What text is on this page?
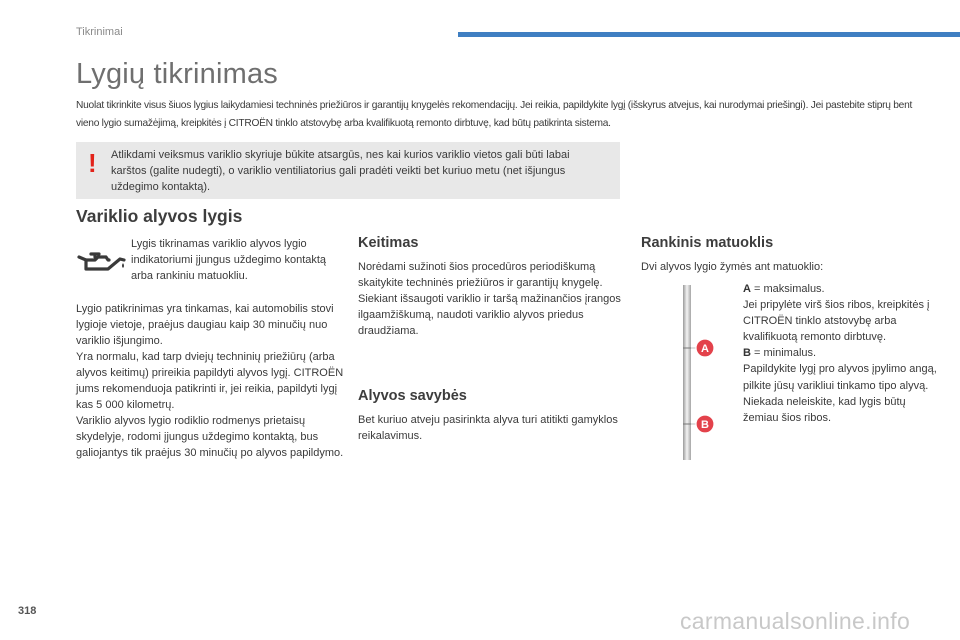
Tikrinimai
Lygių tikrinimas
Nuolat tikrinkite visus šiuos lygius laikydamiesi techninės priežiūros ir garantijų knygelės rekomendacijų. Jei reikia, papildykite lygį (išskyrus atvejus, kai nurodymai priešingi). Jei pastebite stiprų bent vieno lygio sumažėjimą, kreipkitės į CITROËN tinklo atstovybę arba kvalifikuotą remonto dirbtuvę, kad būtų patikrinta sistema.
! Atlikdami veiksmus variklio skyriuje būkite atsargūs, nes kai kurios variklio vietos gali būti labai karštos (galite nudegti), o variklio ventiliatorius gali pradėti veikti bet kuriuo metu (net išjungus uždegimo kontaktą).
Variklio alyvos lygis
Lygis tikrinamas variklio alyvos lygio indikatoriumi įjungus uždegimo kontaktą arba rankiniu matuokliu.
Lygio patikrinimas yra tinkamas, kai automobilis stovi lygioje vietoje, praėjus daugiau kaip 30 minučių nuo variklio išjungimo.
Yra normalu, kad tarp dviejų techninių priežiūrų (arba alyvos keitimų) prireikia papildyti alyvos lygį. CITROËN jums rekomenduoja patikrinti ir, jei reikia, papildyti lygį kas 5 000 kilometrų.
Variklio alyvos lygio rodiklio rodmenys prietaisų skydelyje, rodomi įjungus uždegimo kontaktą, bus galiojantys tik praėjus 30 minučių po alyvos papildymo.
Keitimas
Norėdami sužinoti šios procedūros periodiškumą skaitykite techninės priežiūros ir garantijų knygelę.
Siekiant išsaugoti variklio ir taršą mažinančios įrangos ilgaamžiškumą, naudoti variklio alyvos priedus draudžiama.
Alyvos savybės
Bet kuriuo atveju pasirinkta alyva turi atitikti gamyklos reikalavimus.
Rankinis matuoklis
Dvi alyvos lygio žymės ant matuoklio:
A
B
A = maksimalus.
Jei pripylėte virš šios ribos, kreipkitės į CITROËN tinklo atstovybę arba kvalifikuotą remonto dirbtuvę.
B = minimalus.
Papildykite lygį pro alyvos įpylimo angą, pilkite jūsų varikliui tinkamo tipo alyvą. Niekada neleiskite, kad lygis būtų žemiau šios ribos.
318	carmanualsonline.info
